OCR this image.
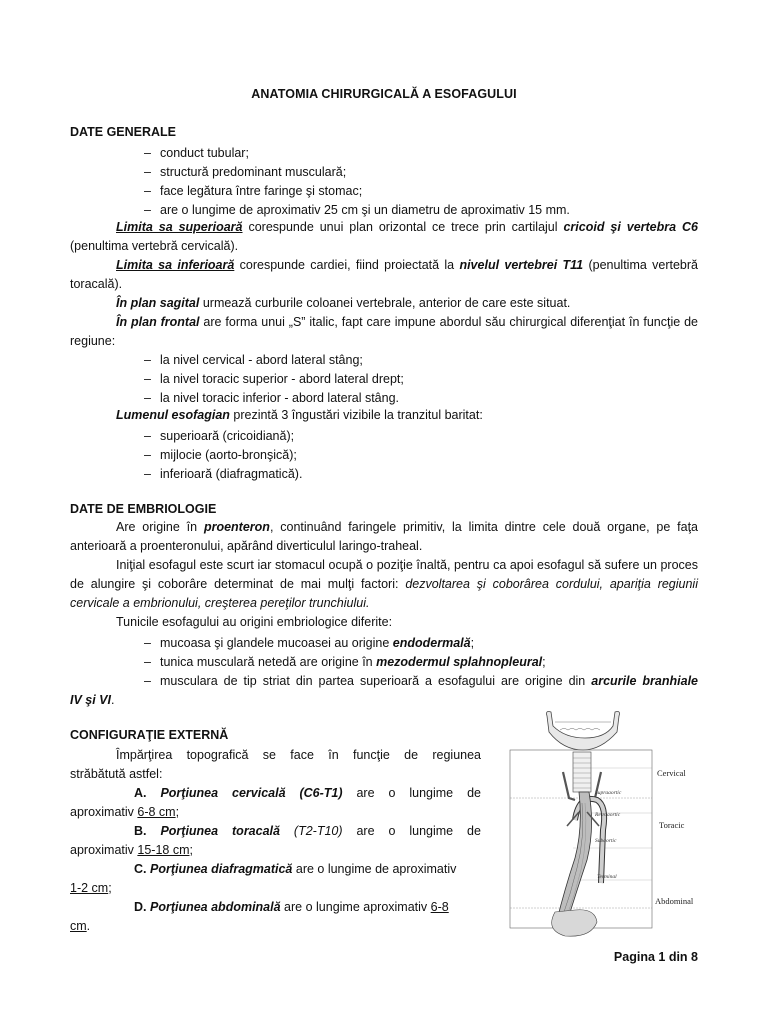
ANATOMIA CHIRURGICALĂ A ESOFAGULUI
DATE GENERALE
– conduct tubular;
– structură predominant musculară;
– face legătura între faringe şi stomac;
– are o lungime de aproximativ 25 cm şi un diametru de aproximativ 15 mm.
Limita sa superioară corespunde unui plan orizontal ce trece prin cartilajul cricoid şi vertebra C6 (penultima vertebră cervicală).
Limita sa inferioară corespunde cardiei, fiind proiectată la nivelul vertebrei T11 (penultima vertebră toracală).
În plan sagital urmează curburile coloanei vertebrale, anterior de care este situat.
În plan frontal are forma unui „S” italic, fapt care impune abordul său chirurgical diferenţiat în funcţie de regiune:
– la nivel cervical - abord lateral stâng;
– la nivel toracic superior - abord lateral drept;
– la nivel toracic inferior - abord lateral stâng.
Lumenul esofagian prezintă 3 îngustări vizibile la tranzitul baritat:
– superioară (cricoidiană);
– mijlocie (aorto-bronşică);
– inferioară (diafragmatică).
DATE DE EMBRIOLOGIE
Are origine în proenteron, continuând faringele primitiv, la limita dintre cele două organe, pe faţa anterioară a proenteronului, apărând diverticulul laringo-traheal.
Iniţial esofagul este scurt iar stomacul ocupă o poziţie înaltă, pentru ca apoi esofagul să sufere un proces de alungire şi coborâre determinat de mai mulţi factori: dezvoltarea şi coborârea cordului, apariţia regiunii cervicale a embrionului, creşterea pereţilor trunchiului.
Tunicile esofagului au origini embriologice diferite:
– mucoasa şi glandele mucoasei au origine endodermală;
– tunica musculară netedă are origine în mezodermul splahnopleural;
– musculara de tip striat din partea superioară a esofagului are origine din arcurile branhiale
IV şi VI.
CONFIGURAŢIE EXTERNĂ
Împărţirea topografică se face în funcţie de regiunea
străbătută astfel:
A. Porţiunea cervicală (C6-T1) are o lungime de
aproximativ 6-8 cm;
B. Porţiunea toracală (T2-T10) are o lungime de
aproximativ 15-18 cm;
C. Porţiunea diafragmatică are o lungime de aproximativ
1-2 cm;
D. Porţiunea abdominală are o lungime aproximativ 6-8
cm.
Cervical
Toracic
Abdominal
Supraaortic
Retroaortic
Subaortic
Terminal
Pagina 1 din 8
